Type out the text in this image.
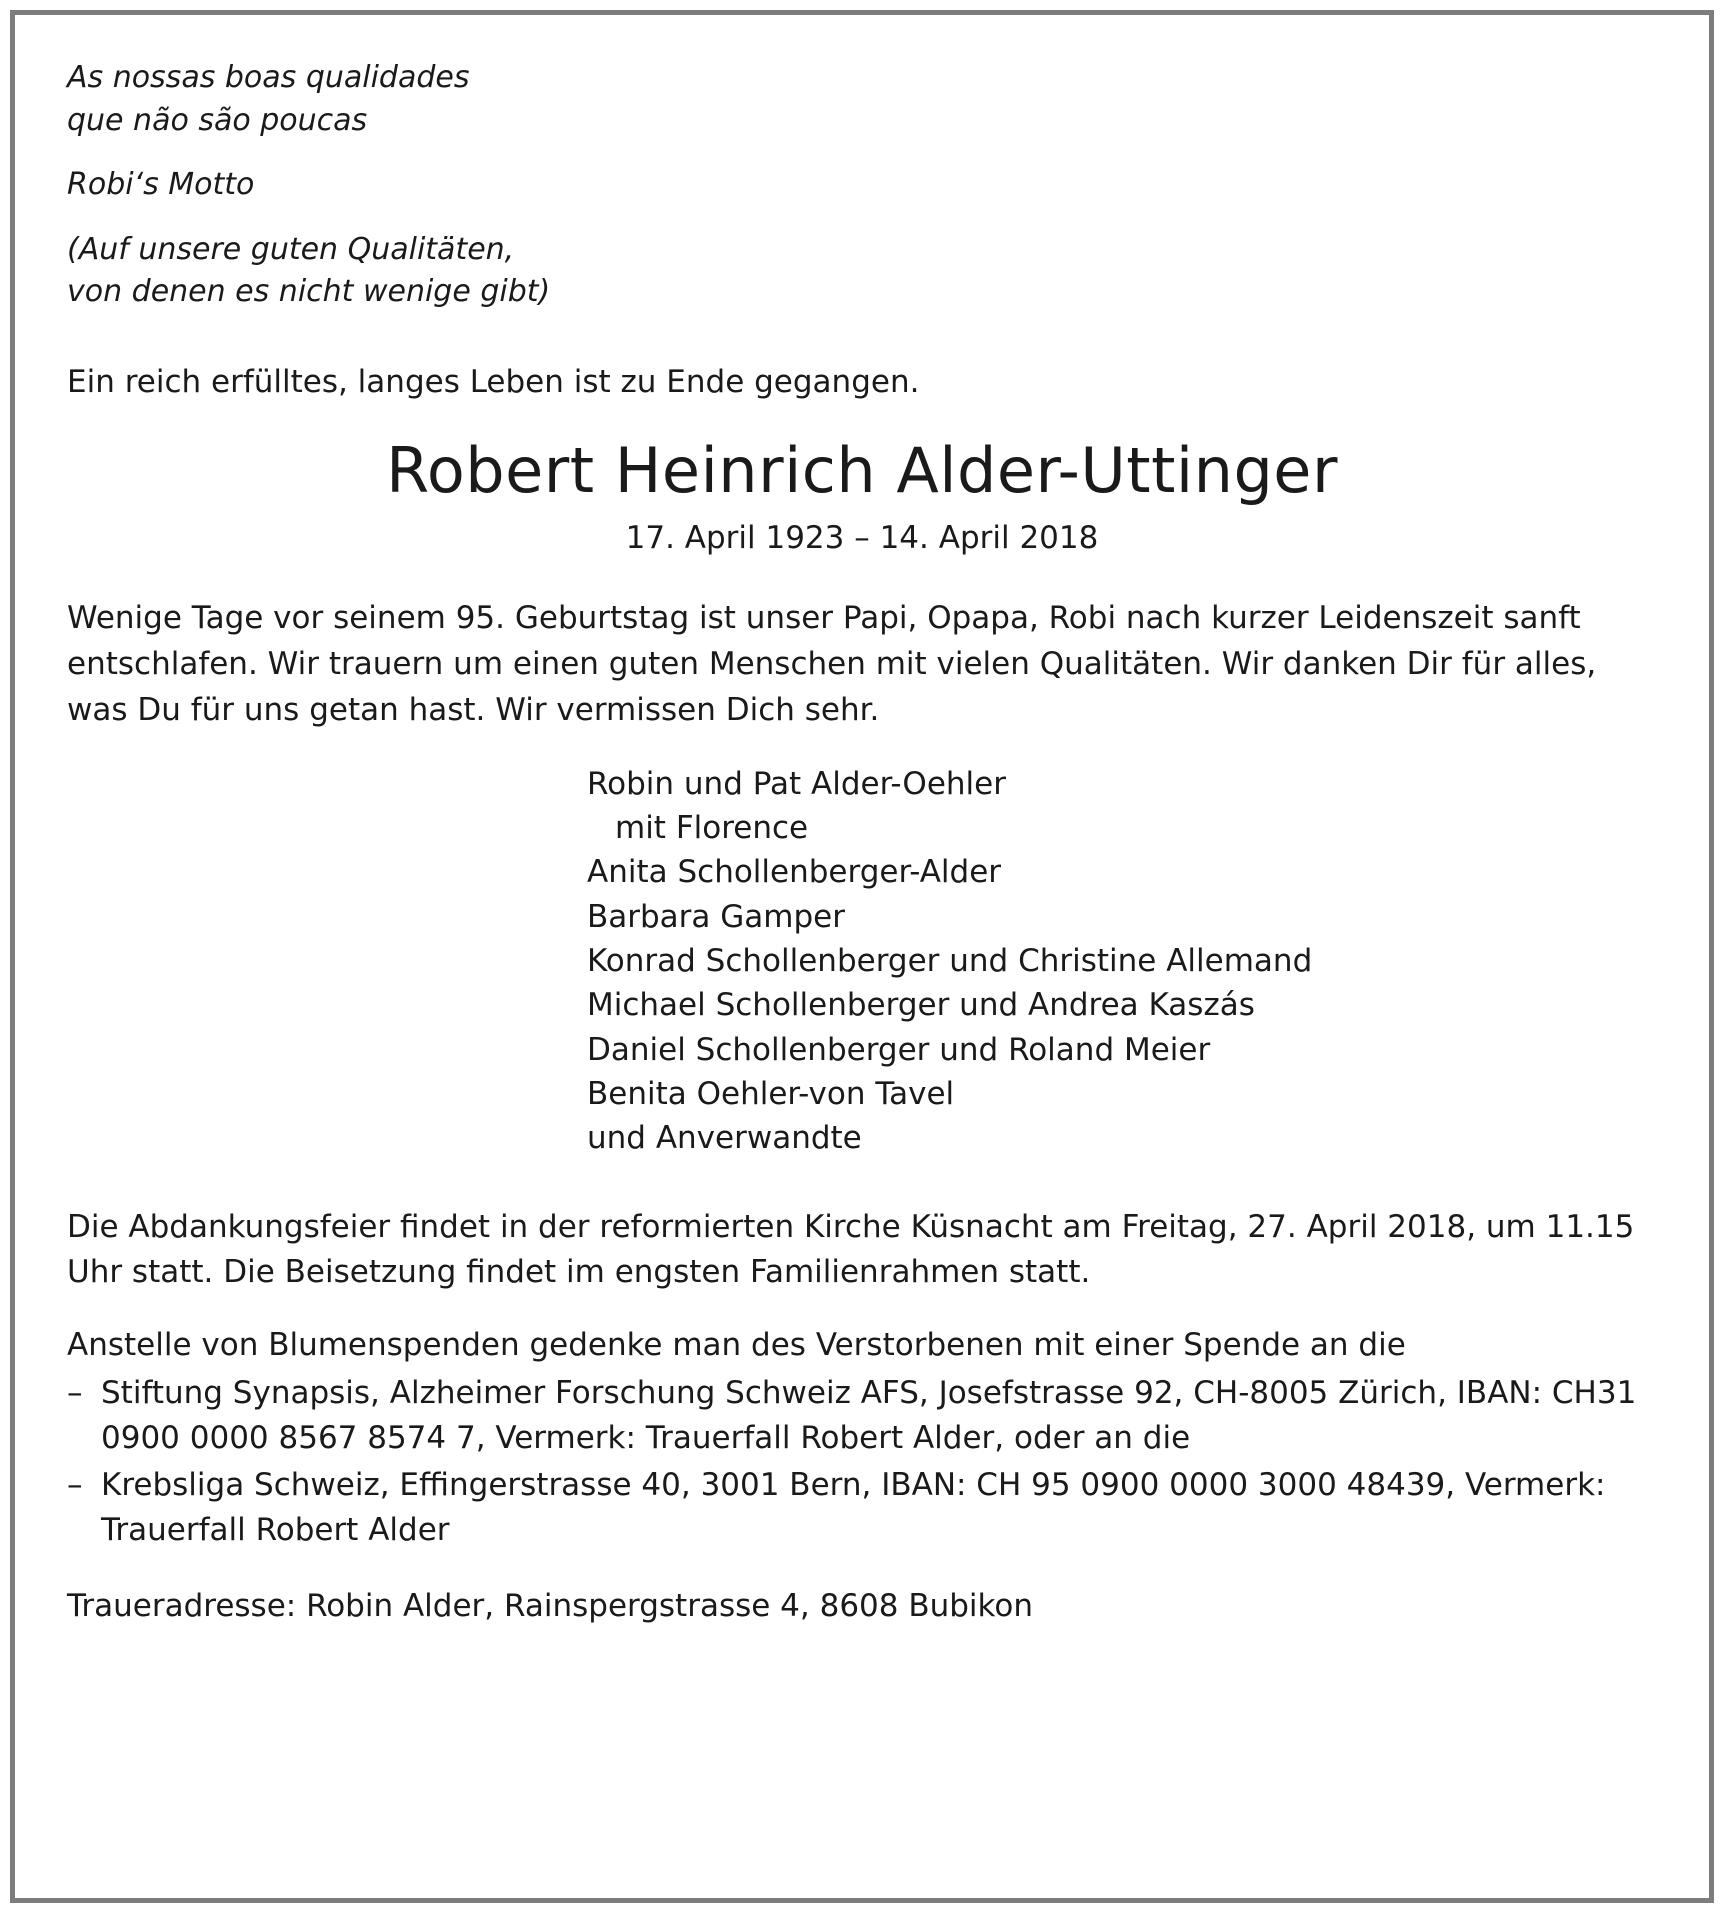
As nossas boas qualidades
que não são poucas
Robi‘s Motto
(Auf unsere guten Qualitäten,
von denen es nicht wenige gibt)
Ein reich erfülltes, langes Leben ist zu Ende gegangen.
Robert Heinrich Alder-Uttinger
17. April 1923 – 14. April 2018
Wenige Tage vor seinem 95. Geburtstag ist unser Papi, Opapa, Robi nach kurzer Leidenszeit sanft entschlafen. Wir trauern um einen guten Menschen mit vielen Qualitäten. Wir danken Dir für alles, was Du für uns getan hast. Wir vermissen Dich sehr.
Robin und Pat Alder-Oehler
mit Florence
Anita Schollenberger-Alder
Barbara Gamper
Konrad Schollenberger und Christine Allemand
Michael Schollenberger und Andrea Kaszás
Daniel Schollenberger und Roland Meier
Benita Oehler-von Tavel
und Anverwandte
Die Abdankungsfeier findet in der reformierten Kirche Küsnacht am Freitag, 27. April 2018, um 11.15 Uhr statt. Die Beisetzung findet im engsten Familienrahmen statt.
Anstelle von Blumenspenden gedenke man des Verstorbenen mit einer Spende an die
– Stiftung Synapsis, Alzheimer Forschung Schweiz AFS, Josefstrasse 92, CH-8005 Zürich, IBAN: CH31 0900 0000 8567 8574 7, Vermerk: Trauerfall Robert Alder, oder an die
– Krebsliga Schweiz, Effingerstrasse 40, 3001 Bern, IBAN: CH 95 0900 0000 3000 48439, Vermerk: Trauerfall Robert Alder
Traueradresse: Robin Alder, Rainspergstrasse 4, 8608 Bubikon
